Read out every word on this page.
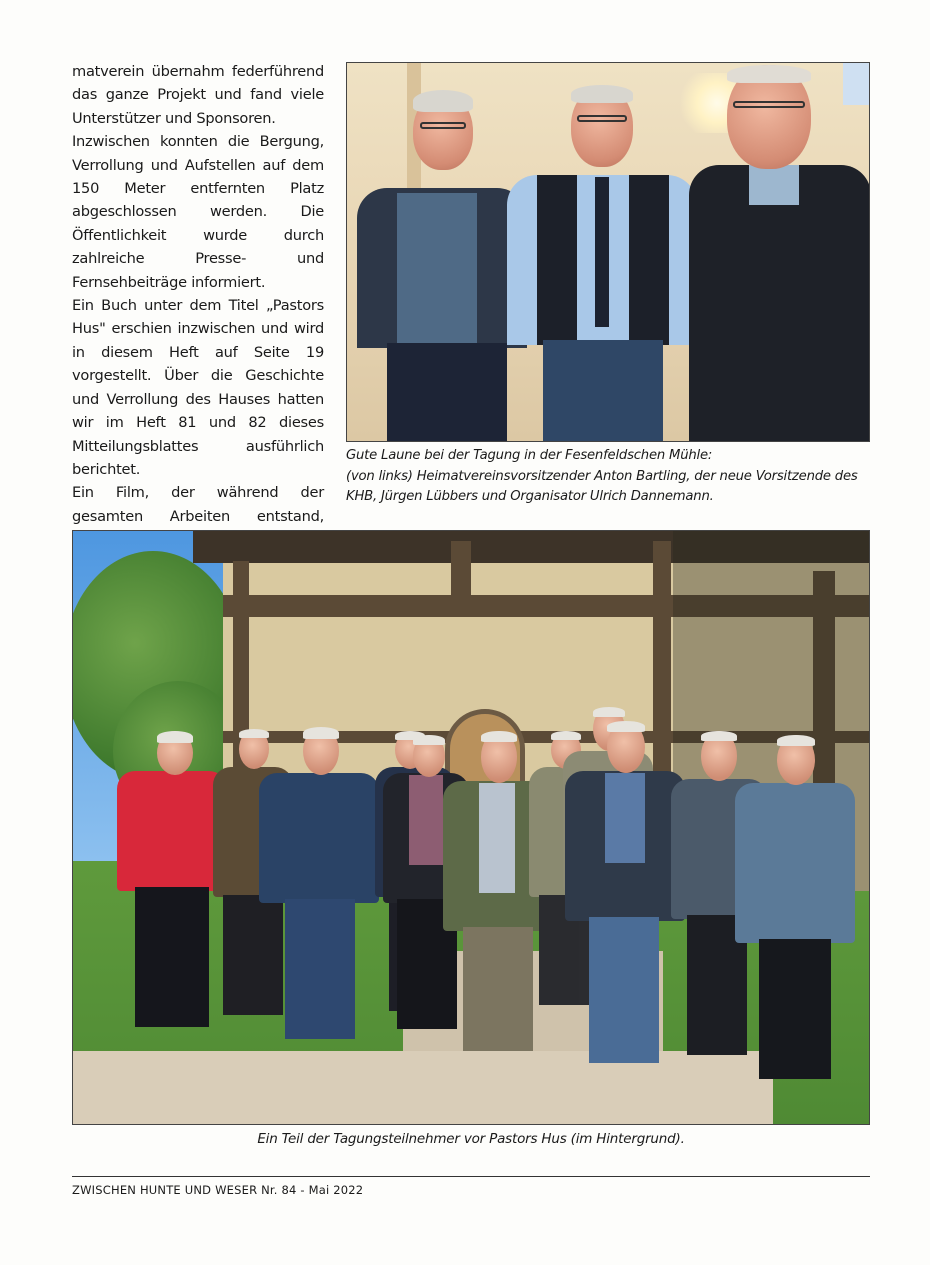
matverein übernahm federführend das ganze Projekt und fand viele Unterstützer und Sponsoren.

Inzwischen konnten die Bergung, Verrollung und Aufstellen auf dem 150 Meter entfernten Platz abgeschlossen werden. Die Öffentlichkeit wurde durch zahlreiche Presse- und Fernsehbeiträge informiert.

Ein Buch unter dem Titel „Pastors Hus" erschien inzwischen und wird in diesem Heft auf Seite 19 vorgestellt. Über die Geschichte und Verrollung des Hauses hatten wir im Heft 81 und 82 dieses Mitteilungsblattes ausführlich berichtet.

Ein Film, der während der gesamten Arbeiten entstand,

Gute Laune bei der Tagung in der Fesenfeldschen Mühle:

(von links) Heimatvereinsvorsitzender Anton Bartling, der neue Vorsitzende des KHB, Jürgen Lübbers und Organisator Ulrich Dannemann.

Ein Teil der Tagungsteilnehmer vor Pastors Hus (im Hintergrund).
ZWISCHEN HUNTE UND WESER Nr. 84 - Mai 2022
